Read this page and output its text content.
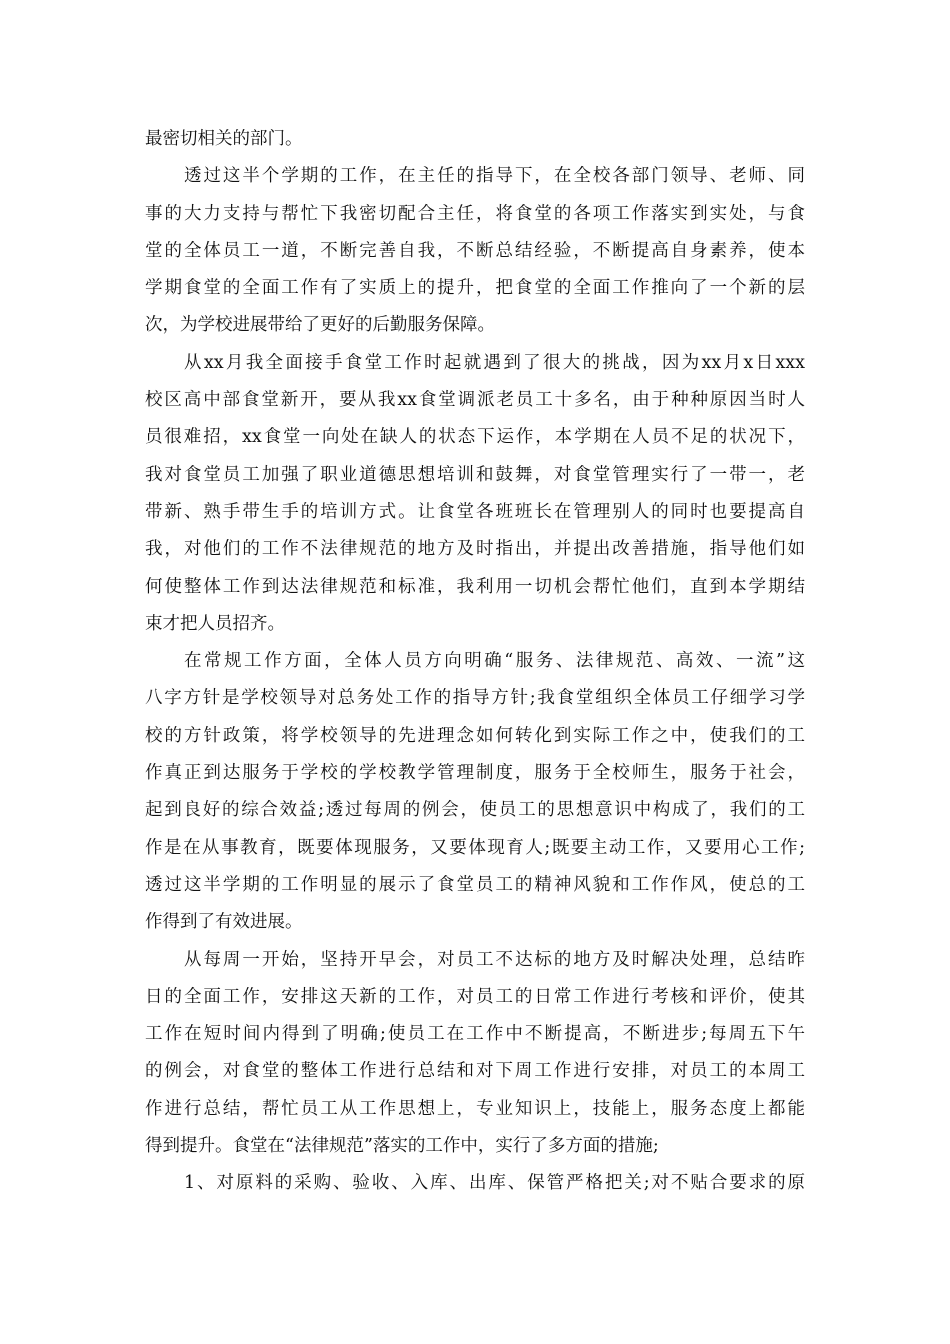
最密切相关的部门。
透过这半个学期的工作，在主任的指导下，在全校各部门领导、老师、同
事的大力支持与帮忙下我密切配合主任，将食堂的各项工作落实到实处，与食
堂的全体员工一道，不断完善自我，不断总结经验，不断提高自身素养，使本
学期食堂的全面工作有了实质上的提升，把食堂的全面工作推向了一个新的层
次，为学校进展带给了更好的后勤服务保障。
从xx月我全面接手食堂工作时起就遇到了很大的挑战，因为xx月x日xxx
校区高中部食堂新开，要从我xx食堂调派老员工十多名，由于种种原因当时人
员很难招，xx食堂一向处在缺人的状态下运作，本学期在人员不足的状况下，
我对食堂员工加强了职业道德思想培训和鼓舞，对食堂管理实行了一带一，老
带新、熟手带生手的培训方式。让食堂各班班长在管理别人的同时也要提高自
我，对他们的工作不法律规范的地方及时指出，并提出改善措施，指导他们如
何使整体工作到达法律规范和标准，我利用一切机会帮忙他们，直到本学期结
束才把人员招齐。
在常规工作方面，全体人员方向明确“服务、法律规范、高效、一流”这
八字方针是学校领导对总务处工作的指导方针;我食堂组织全体员工仔细学习学
校的方针政策，将学校领导的先进理念如何转化到实际工作之中，使我们的工
作真正到达服务于学校的学校教学管理制度，服务于全校师生，服务于社会，
起到良好的综合效益;透过每周的例会，使员工的思想意识中构成了，我们的工
作是在从事教育，既要体现服务，又要体现育人;既要主动工作，又要用心工作;
透过这半学期的工作明显的展示了食堂员工的精神风貌和工作作风，使总的工
作得到了有效进展。
从每周一开始，坚持开早会，对员工不达标的地方及时解决处理，总结昨
日的全面工作，安排这天新的工作，对员工的日常工作进行考核和评价，使其
工作在短时间内得到了明确;使员工在工作中不断提高，不断进步;每周五下午
的例会，对食堂的整体工作进行总结和对下周工作进行安排，对员工的本周工
作进行总结，帮忙员工从工作思想上，专业知识上，技能上，服务态度上都能
得到提升。食堂在“法律规范”落实的工作中，实行了多方面的措施;
1、对原料的采购、验收、入库、出库、保管严格把关;对不贴合要求的原
